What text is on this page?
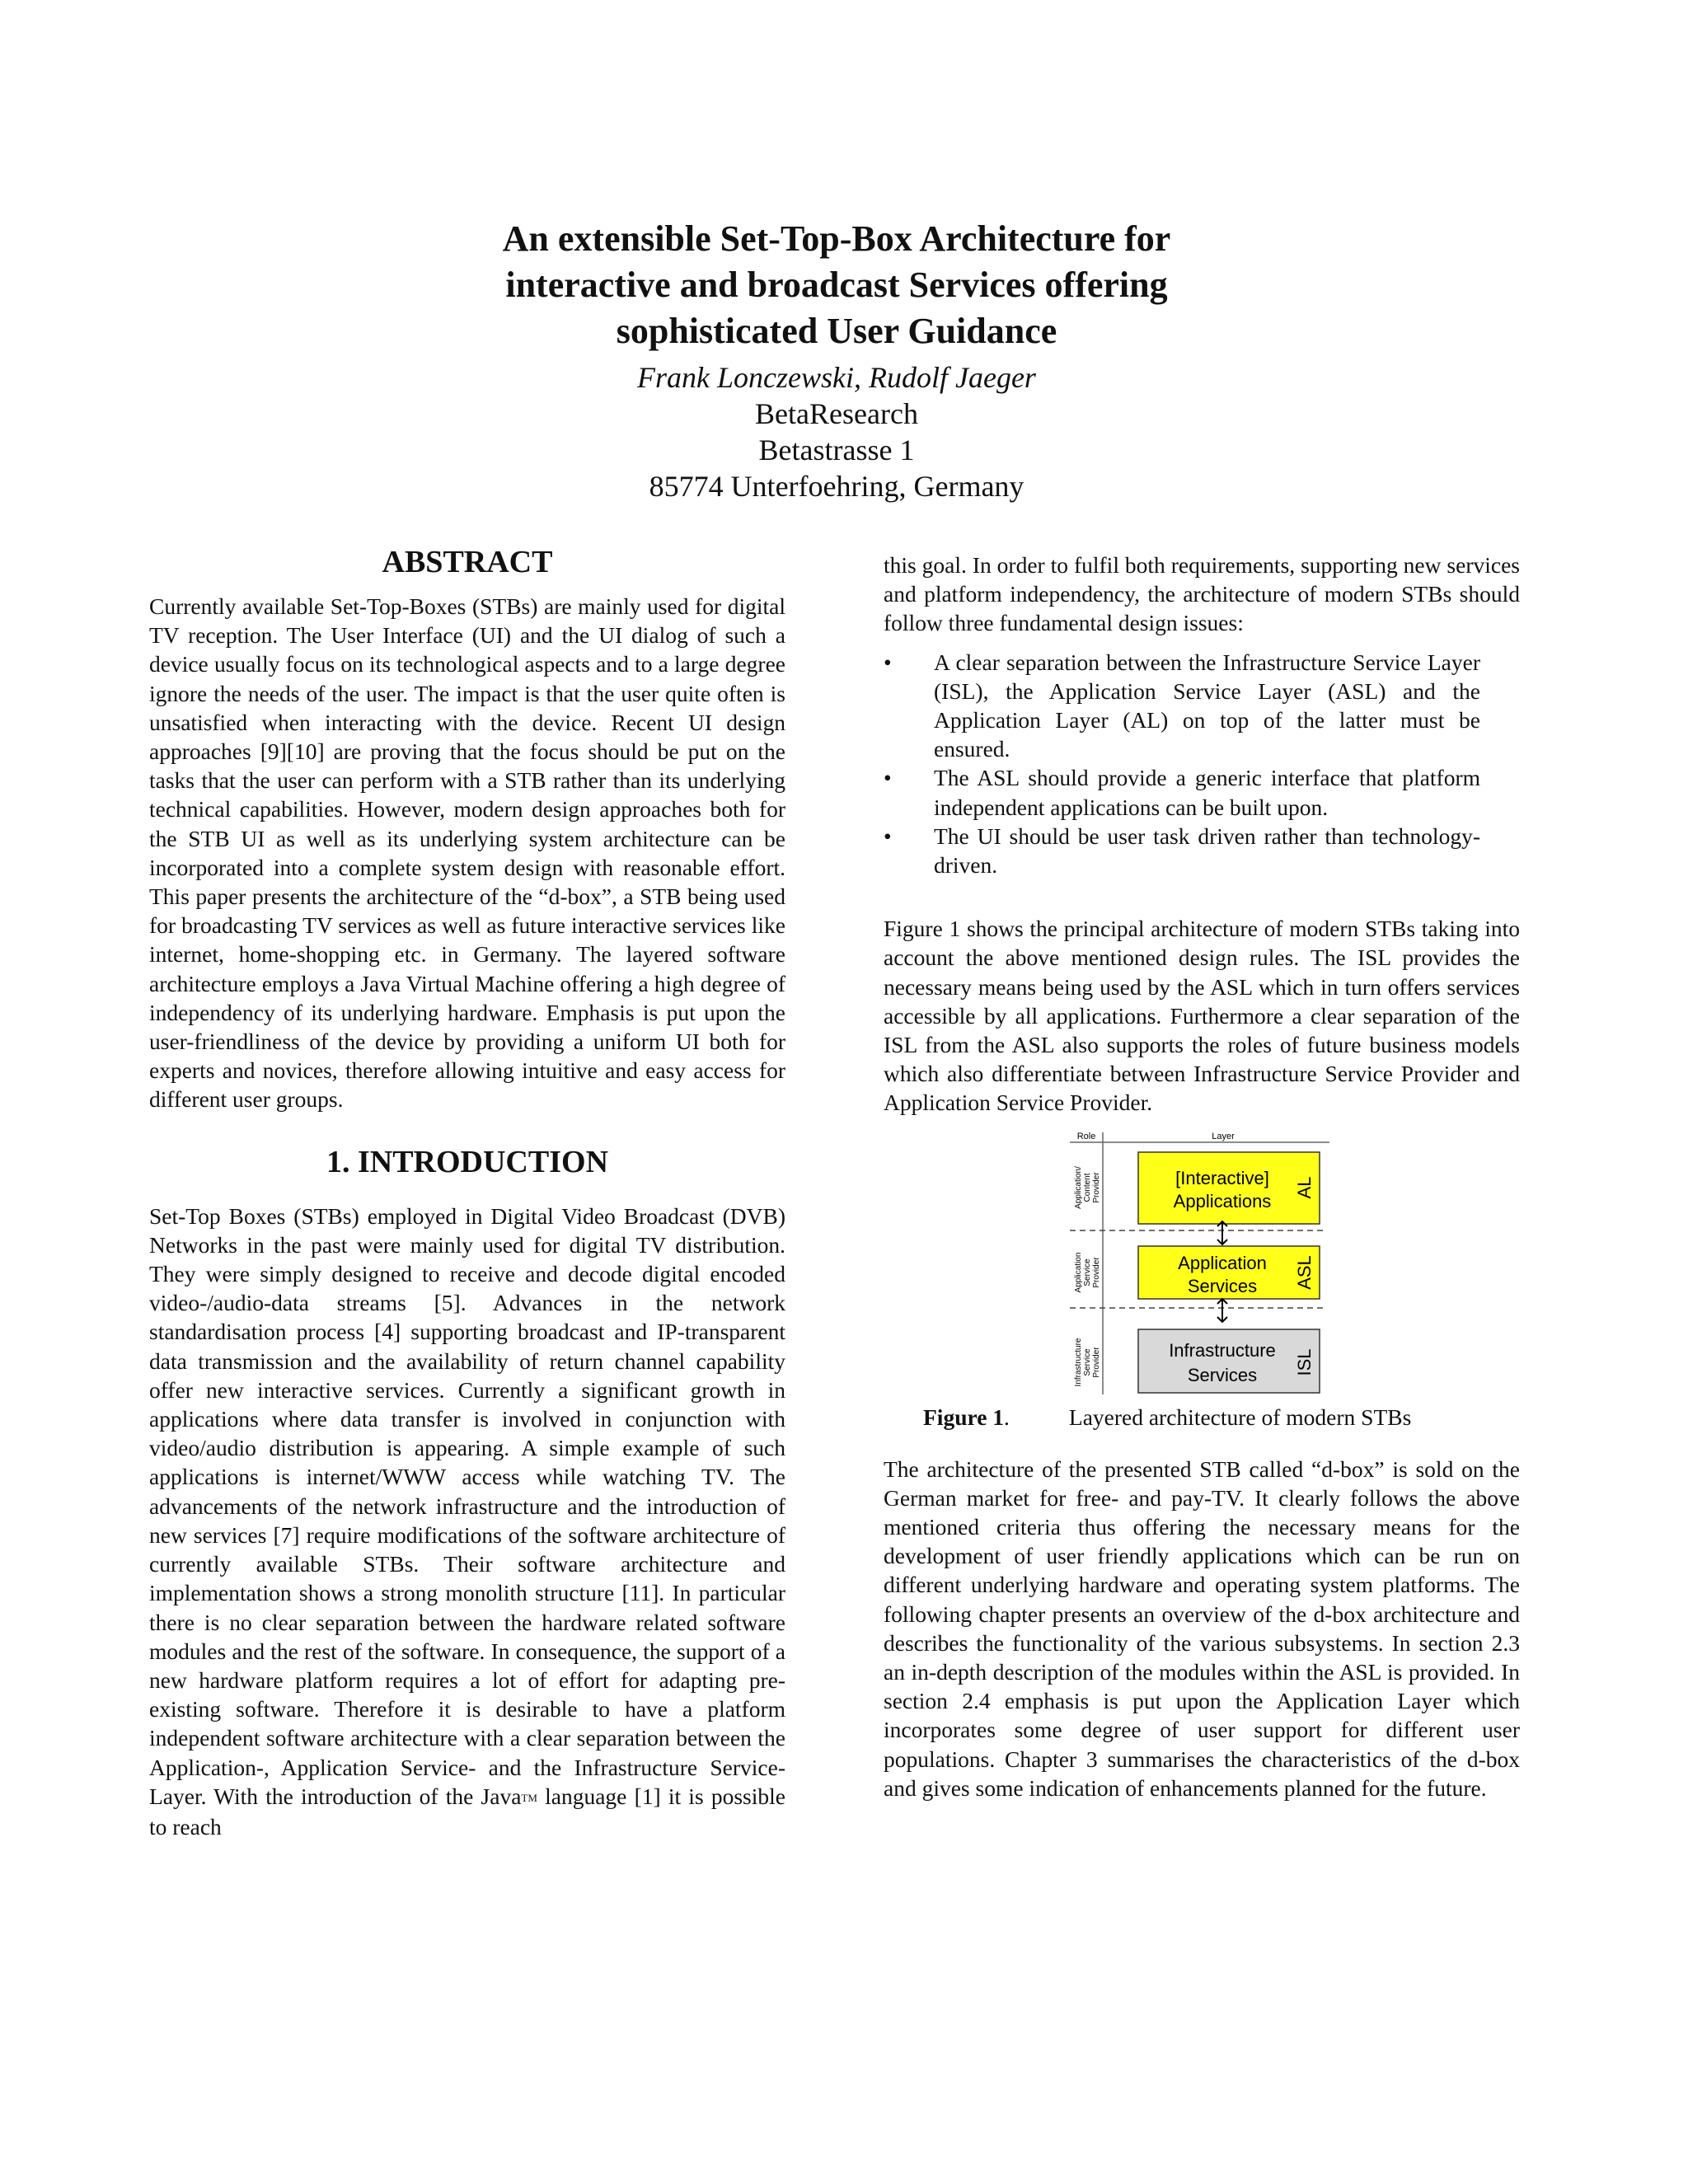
An extensible Set-Top-Box Architecture for
interactive and broadcast Services offering
sophisticated User Guidance
Frank Lonczewski, Rudolf Jaeger
BetaResearch
Betastrasse 1
85774 Unterfoehring, Germany
ABSTRACT

Currently available Set-Top-Boxes (STBs) are mainly used for digital TV reception. The User Interface (UI) and the UI dialog of such a device usually focus on its technological aspects and to a large degree ignore the needs of the user. The impact is that the user quite often is unsatisfied when interacting with the device. Recent UI design approaches [9][10] are proving that the focus should be put on the tasks that the user can perform with a STB rather than its underlying technical capabilities. However, modern design approaches both for the STB UI as well as its underlying system architecture can be incorporated into a complete system design with reasonable effort. This paper presents the architecture of the “d-box”, a STB being used for broadcasting TV services as well as future interactive services like internet, home-shopping etc. in Germany. The layered software architecture employs a Java Virtual Machine offering a high degree of independency of its underlying hardware. Emphasis is put upon the user-friendliness of the device by providing a uniform UI both for experts and novices, therefore allowing intuitive and easy access for different user groups.

1. INTRODUCTION

Set-Top Boxes (STBs) employed in Digital Video Broadcast (DVB) Networks in the past were mainly used for digital TV distribution. They were simply designed to receive and decode digital encoded video-/audio-data streams [5]. Advances in the network standardisation process [4] supporting broadcast and IP-transparent data transmission and the availability of return channel capability offer new interactive services. Currently a significant growth in applications where data transfer is involved in conjunction with video/audio distribution is appearing. A simple example of such applications is internet/WWW access while watching TV. The advancements of the network infrastructure and the introduction of new services [7] require modifications of the software architecture of currently available STBs. Their software architecture and implementation shows a strong monolith structure [11]. In particular there is no clear separation between the hardware related software modules and the rest of the software. In consequence, the support of a new hardware platform requires a lot of effort for adapting pre-existing software. Therefore it is desirable to have a platform independent software architecture with a clear separation between the Application-, Application Service- and the Infrastructure Service-Layer. With the introduction of the Java™ language [1] it is possible to reach

this goal. In order to fulfil both requirements, supporting new services and platform independency, the architecture of modern STBs should follow three fundamental design issues:

• A clear separation between the Infrastructure Service Layer (ISL), the Application Service Layer (ASL) and the Application Layer (AL) on top of the latter must be ensured.
• The ASL should provide a generic interface that platform independent applications can be built upon.
• The UI should be user task driven rather than technology-driven.

Figure 1 shows the principal architecture of modern STBs taking into account the above mentioned design rules. The ISL provides the necessary means being used by the ASL which in turn offers services accessible by all applications. Furthermore a clear separation of the ISL from the ASL also supports the roles of future business models which also differentiate between Infrastructure Service Provider and Application Service Provider.

Role	Layer
[Interactive]
Applications
AL
Application/ Content Provider
Application
Services ASL
Application Service Provider
Infrastructure
Services ISL
Infrastructure Service Provider
Figure 1.	Layered architecture of modern STBs

The architecture of the presented STB called “d-box” is sold on the German market for free- and pay-TV. It clearly follows the above mentioned criteria thus offering the necessary means for the development of user friendly applications which can be run on different underlying hardware and operating system platforms. The following chapter presents an overview of the d-box architecture and describes the functionality of the various subsystems. In section 2.3 an in-depth description of the modules within the ASL is provided. In section 2.4 emphasis is put upon the Application Layer which incorporates some degree of user support for different user populations. Chapter 3 summarises the characteristics of the d-box and gives some indication of enhancements planned for the future.
